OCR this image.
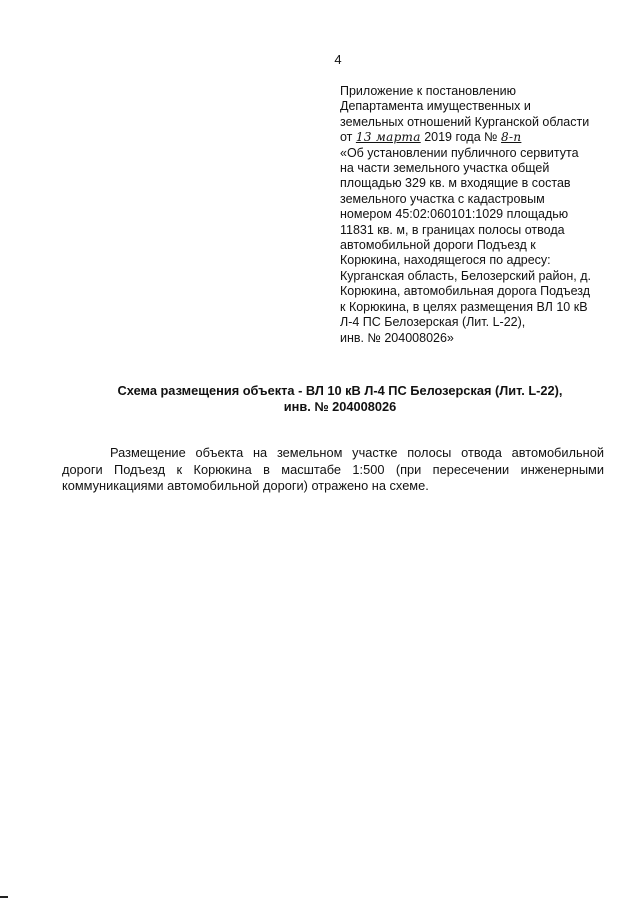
4
Приложение к постановлению
Департамента имущественных и
земельных отношений Курганской области
от 13 марта 2019 года № 8-п
«Об установлении публичного сервитута
на части земельного участка общей
площадью 329 кв. м входящие в состав
земельного участка с кадастровым
номером 45:02:060101:1029 площадью
11831 кв. м, в границах полосы отвода
автомобильной дороги Подъезд к
Корюкина, находящегося по адресу:
Курганская область, Белозерский район, д.
Корюкина, автомобильная дорога Подъезд
к Корюкина, в целях размещения ВЛ 10 кВ
Л-4 ПС Белозерская (Лит. L-22),
инв. № 204008026»
Схема размещения объекта - ВЛ 10 кВ Л-4 ПС Белозерская (Лит. L-22),
инв. № 204008026
Размещение объекта на земельном участке полосы отвода автомобильной дороги Подъезд к Корюкина в масштабе 1:500 (при пересечении инженерными коммуникациями автомобильной дороги) отражено на схеме.
